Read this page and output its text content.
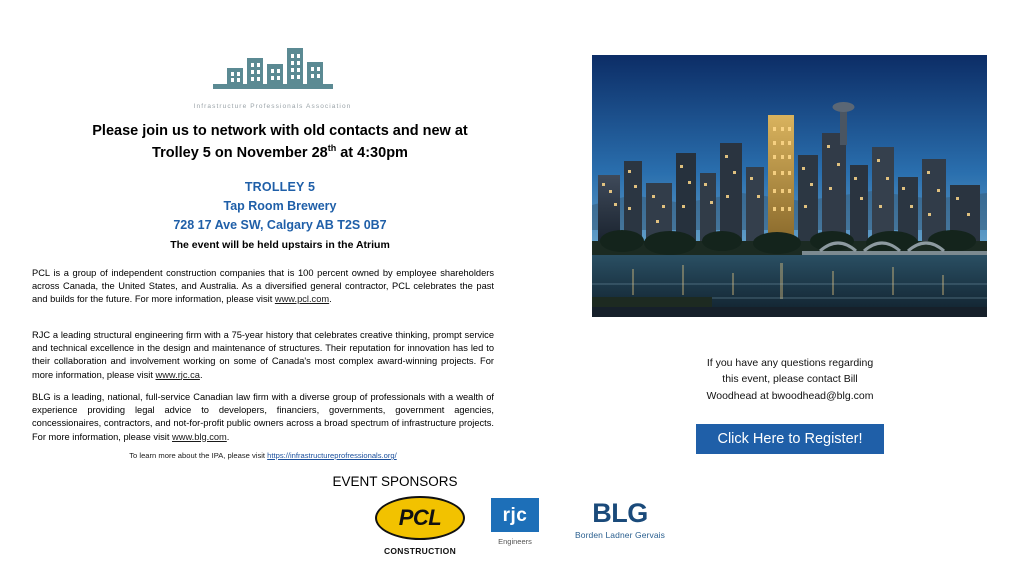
Infrastructure Professionals Association
Please join us to network with old contacts and new at
Trolley 5 on November 28th at 4:30pm
TROLLEY 5
Tap Room Brewery
728 17 Ave SW, Calgary AB T2S 0B7
The event will be held upstairs in the Atrium
PCL is a group of independent construction companies that is 100 percent owned by employee shareholders across Canada, the United States, and Australia. As a diversified general contractor, PCL celebrates the past and builds for the future. For more information, please visit www.pcl.com.
RJC a leading structural engineering firm with a 75-year history that celebrates creative thinking, prompt service and technical excellence in the design and maintenance of structures. Their reputation for innovation has led to their collaboration and involvement working on some of Canada's most complex award-winning projects. For more information, please visit www.rjc.ca.
BLG is a leading, national, full-service Canadian law firm with a diverse group of professionals with a wealth of experience providing legal advice to developers, financiers, governments, government agencies, concessionaires, contractors, and not-for-profit public owners across a broad spectrum of infrastructure projects. For more information, please visit www.blg.com.
To learn more about the IPA, please visit https://infrastructureprofressionals.org/
EVENT SPONSORS
PCL
CONSTRUCTION
rjc
Engineers
BLG
Borden Ladner Gervais
If you have any questions regarding
this event, please contact Bill
Woodhead at bwoodhead@blg.com
Click Here to Register!
